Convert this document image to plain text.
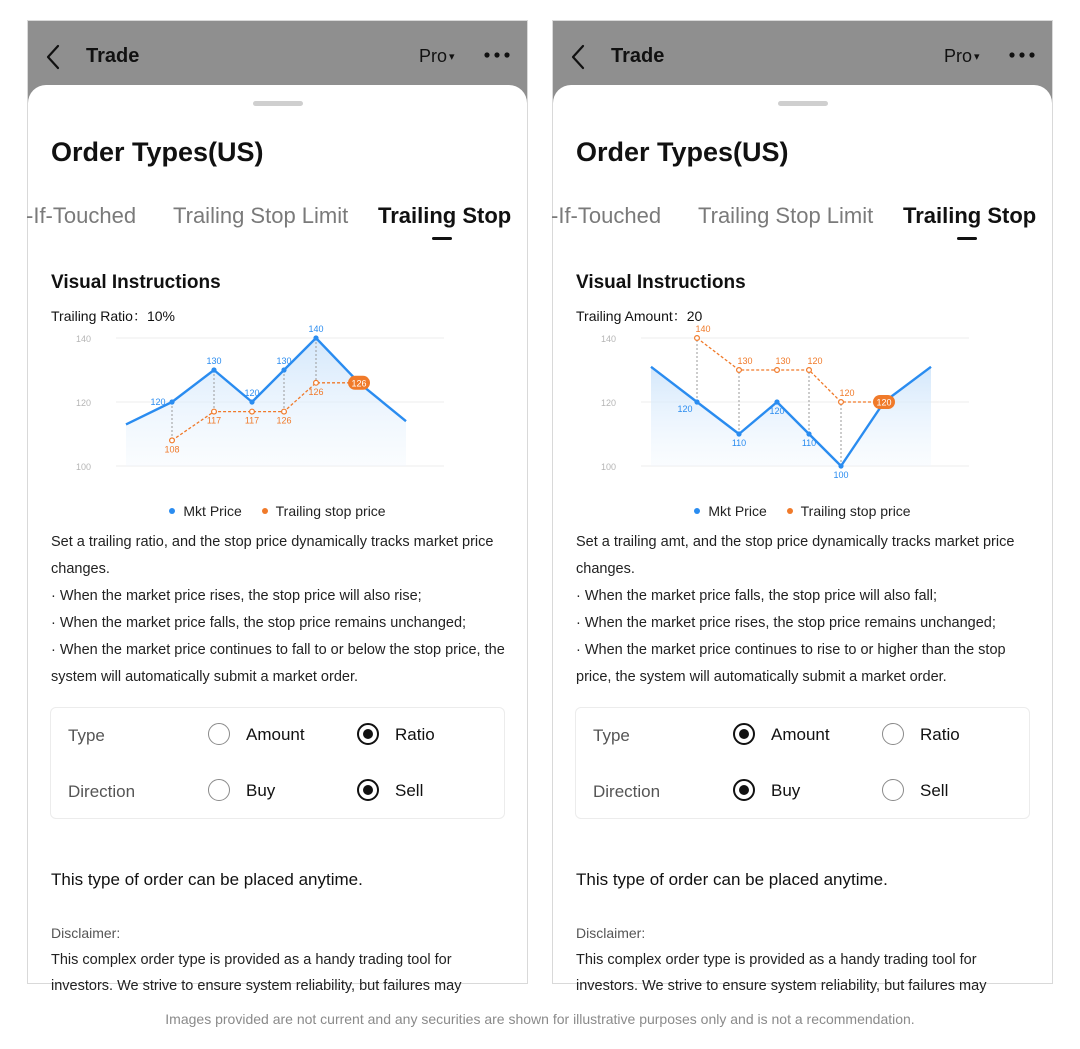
Trade	Pro ▾
Order Types(US)
-If-Touched Trailing Stop Limit Trailing Stop
Visual Instructions
Trailing Ratio：10%
100
120
140
120
130
120
130
140
108
117	117 126
126
126
Mkt Price Trailing stop price
Set a trailing ratio, and the stop price dynamically tracks market price changes.
· When the market price rises, the stop price will also rise;
· When the market price falls, the stop price remains unchanged;
· When the market price continues to fall to or below the stop price, the system will automatically submit a market order.
Type	Amount	Ratio
Direction	Buy	Sell
This type of order can be placed anytime.
Disclaimer:
This complex order type is provided as a handy trading tool for investors. We strive to ensure system reliability, but failures may
Trade	Pro ▾
Order Types(US)
-If-Touched Trailing Stop Limit Trailing Stop
Visual Instructions
Trailing Amount：20
100
120
140
120
110
120
110
100
140
130	130 120
120
120
Mkt Price Trailing stop price
Set a trailing amt, and the stop price dynamically tracks market price changes.
· When the market price falls, the stop price will also fall;
· When the market price rises, the stop price remains unchanged;
· When the market price continues to rise to or higher than the stop price, the system will automatically submit a market order.
Type	Amount	Ratio
Direction	Buy	Sell
This type of order can be placed anytime.
Disclaimer:
This complex order type is provided as a handy trading tool for investors. We strive to ensure system reliability, but failures may
Images provided are not current and any securities are shown for illustrative purposes only and is not a recommendation.
